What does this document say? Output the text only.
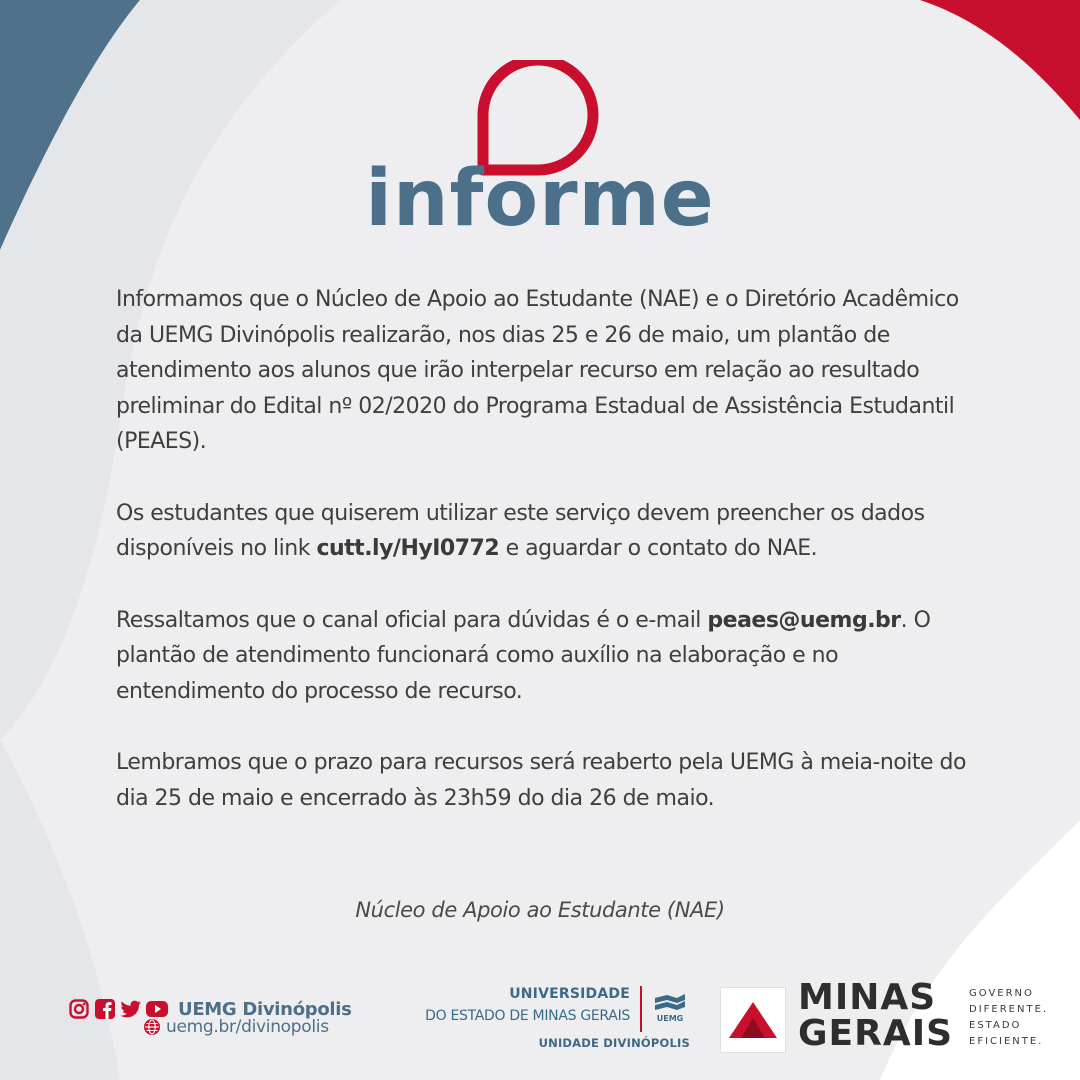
informe

Informamos que o Núcleo de Apoio ao Estudante (NAE) e o Diretório Acadêmico da UEMG Divinópolis realizarão, nos dias 25 e 26 de maio, um plantão de atendimento aos alunos que irão interpelar recurso em relação ao resultado preliminar do Edital nº 02/2020 do Programa Estadual de Assistência Estudantil (PEAES).

Os estudantes que quiserem utilizar este serviço devem preencher os dados disponíveis no link cutt.ly/HyI0772 e aguardar o contato do NAE.

Ressaltamos que o canal oficial para dúvidas é o e-mail peaes@uemg.br. O plantão de atendimento funcionará como auxílio na elaboração e no entendimento do processo de recurso.

Lembramos que o prazo para recursos será reaberto pela UEMG à meia-noite do dia 25 de maio e encerrado às 23h59 do dia 26 de maio.

Núcleo de Apoio ao Estudante (NAE)
UEMG Divinópolis
uemg.br/divinopolis
UNIVERSIDADE
DO ESTADO DE MINAS GERAIS	UEMG
UNIDADE DIVINÓPOLIS
MINAS
GERAIS
GOVERNO
DIFERENTE.
ESTADO
EFICIENTE.
